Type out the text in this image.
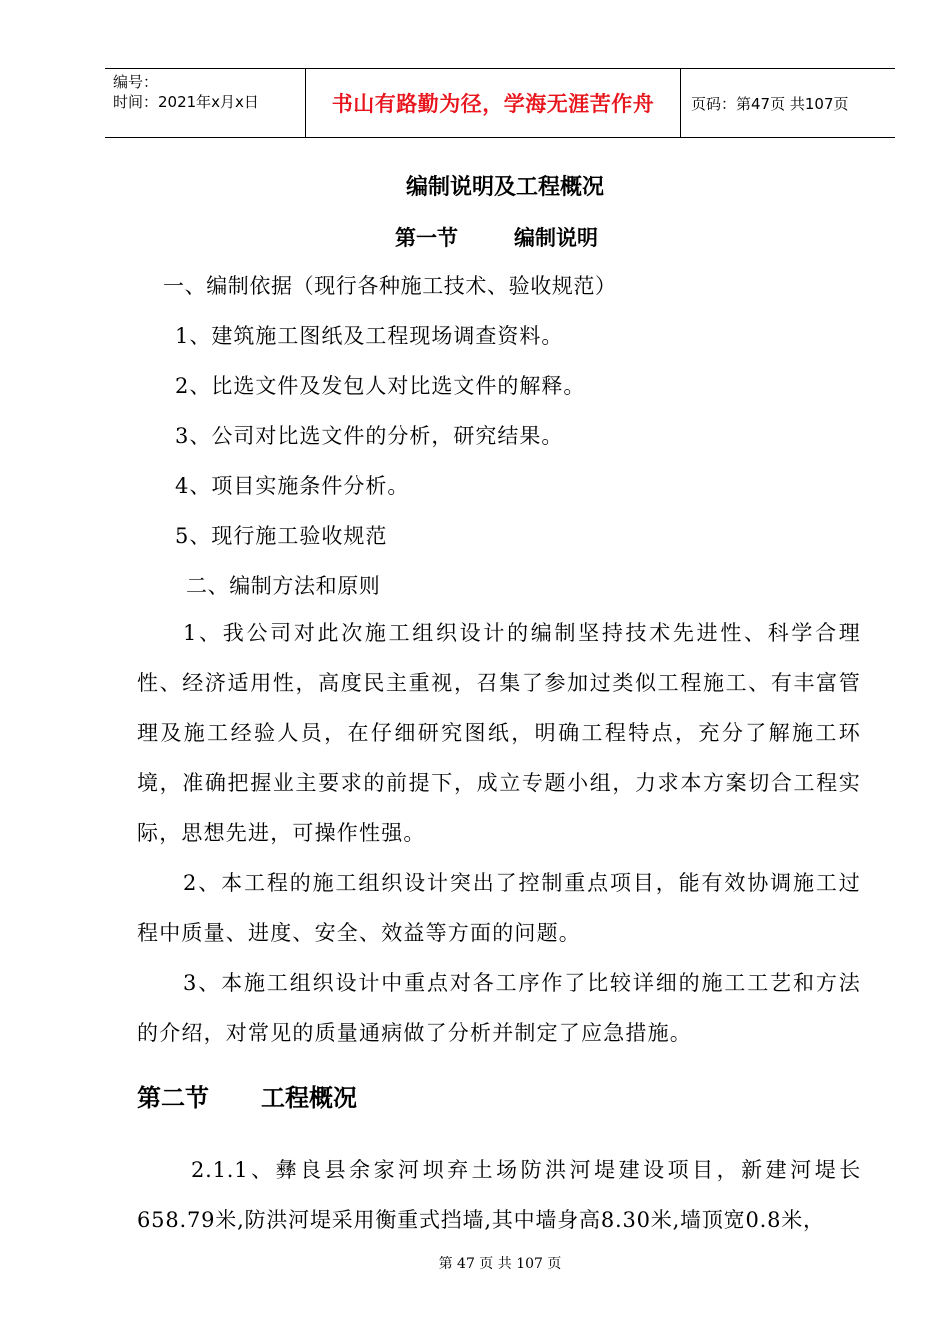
编号：
时间：2021年x月x日	书山有路勤为径，学海无涯苦作舟	页码：第47页 共107页
编制说明及工程概况
第一节	编制说明
一、编制依据（现行各种施工技术、验收规范）
1、建筑施工图纸及工程现场调查资料。
2、比选文件及发包人对比选文件的解释。
3、公司对比选文件的分析，研究结果。
4、项目实施条件分析。
5、现行施工验收规范
二、编制方法和原则
1、我公司对此次施工组织设计的编制坚持技术先进性、科学合理性、经济适用性，高度民主重视，召集了参加过类似工程施工、有丰富管理及施工经验人员，在仔细研究图纸，明确工程特点，充分了解施工环境，准确把握业主要求的前提下，成立专题小组，力求本方案切合工程实际，思想先进，可操作性强。
2、本工程的施工组织设计突出了控制重点项目，能有效协调施工过程中质量、进度、安全、效益等方面的问题。
3、本施工组织设计中重点对各工序作了比较详细的施工工艺和方法的介绍，对常见的质量通病做了分析并制定了应急措施。
第二节 工程概况
2.1.1、彝良县余家河坝弃土场防洪河堤建设项目，新建河堤长658.79米,防洪河堤采用衡重式挡墙,其中墙身高8.30米,墙顶宽0.8米，
第 47 页 共 107 页
